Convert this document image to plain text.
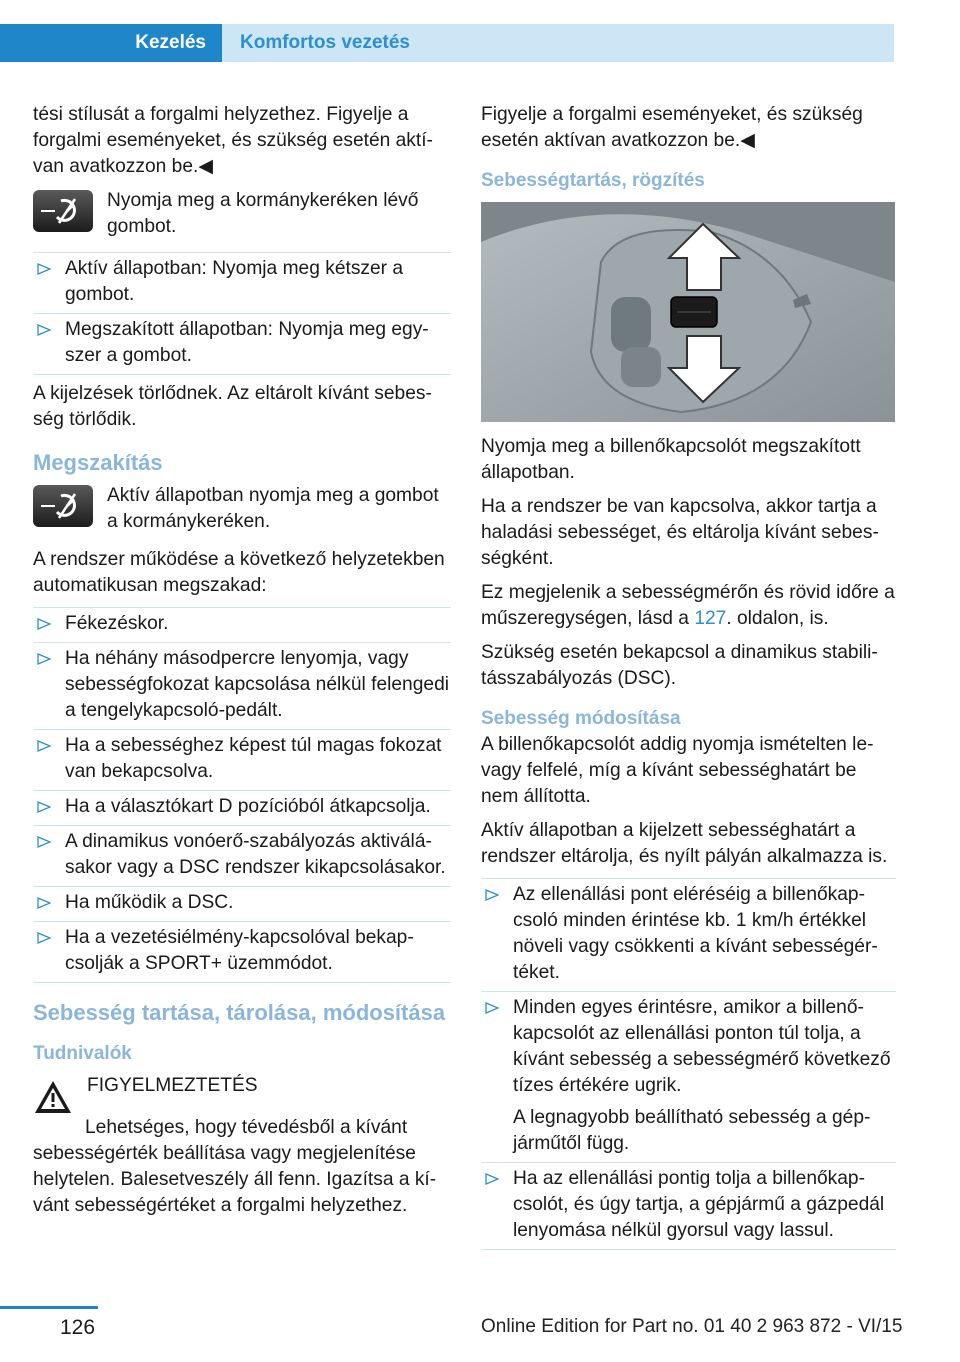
Kezelés	Komfortos vezetés

tési stílusát a forgalmi helyzethez. Figyelje a forgalmi eseményeket, és szükség esetén aktívan avatkozzon be.◀

Nyomja meg a kormánykeréken lévő gombot.
Aktív állapotban: Nyomja meg kétszer a gombot.
Megszakított állapotban: Nyomja meg egyszer a gombot.

A kijelzések törlődnek. Az eltárolt kívánt sebesség törlődik.

Megszakítás
Aktív állapotban nyomja meg a gombot a kormánykeréken.

A rendszer működése a következő helyzetekben automatikusan megszakad:

Fékezéskor.
Ha néhány másodpercre lenyomja, vagy sebességfokozat kapcsolása nélkül felengedi a tengelykapcsoló-pedált.
Ha a sebességhez képest túl magas fokozat van bekapcsolva.
Ha a választókart D pozícióból átkapcsolja.
A dinamikus vonóerő-szabályozás aktiválásakor vagy a DSC rendszer kikapcsolásakor.
Ha működik a DSC.
Ha a vezetésiélmény-kapcsolóval bekapcsolják a SPORT+ üzemmódot.
Sebesség tartása, tárolása, módosítása
Tudnivalók
FIGYELMEZTETÉS

Lehetséges, hogy tévedésből a kívánt sebességérték beállítása vagy megjelenítése helytelen. Balesetveszély áll fenn. Igazítsa a kívánt sebességértéket a forgalmi helyzethez.

Figyelje a forgalmi eseményeket, és szükség esetén aktívan avatkozzon be.◀

Sebességtartás, rögzítés

Nyomja meg a billenőkapcsolót megszakított állapotban.

Ha a rendszer be van kapcsolva, akkor tartja a haladási sebességet, és eltárolja kívánt sebességként.

Ez megjelenik a sebességmérőn és rövid időre a műszeregységen, lásd a 127. oldalon, is.

Szükség esetén bekapcsol a dinamikus stabilitásszabályozás (DSC).

Sebesség módosítása

A billenőkapcsolót addig nyomja ismételten le- vagy felfelé, míg a kívánt sebességhatárt be nem állította.

Aktív állapotban a kijelzett sebességhatárt a rendszer eltárolja, és nyílt pályán alkalmazza is.

Az ellenállási pont eléréséig a billenőkapcsoló minden érintése kb. 1 km/h értékkel növeli vagy csökkenti a kívánt sebességértéket.
Minden egyes érintésre, amikor a billenőkapcsolót az ellenállási ponton túl tolja, a kívánt sebesség a sebességmérő következő tízes értékére ugrik.
A legnagyobb beállítható sebesség a gépjárműtől függ.
Ha az ellenállási pontig tolja a billenőkapcsolót, és úgy tartja, a gépjármű a gázpedál lenyomása nélkül gyorsul vagy lassul.
126	Online Edition for Part no. 01 40 2 963 872 - VI/15
